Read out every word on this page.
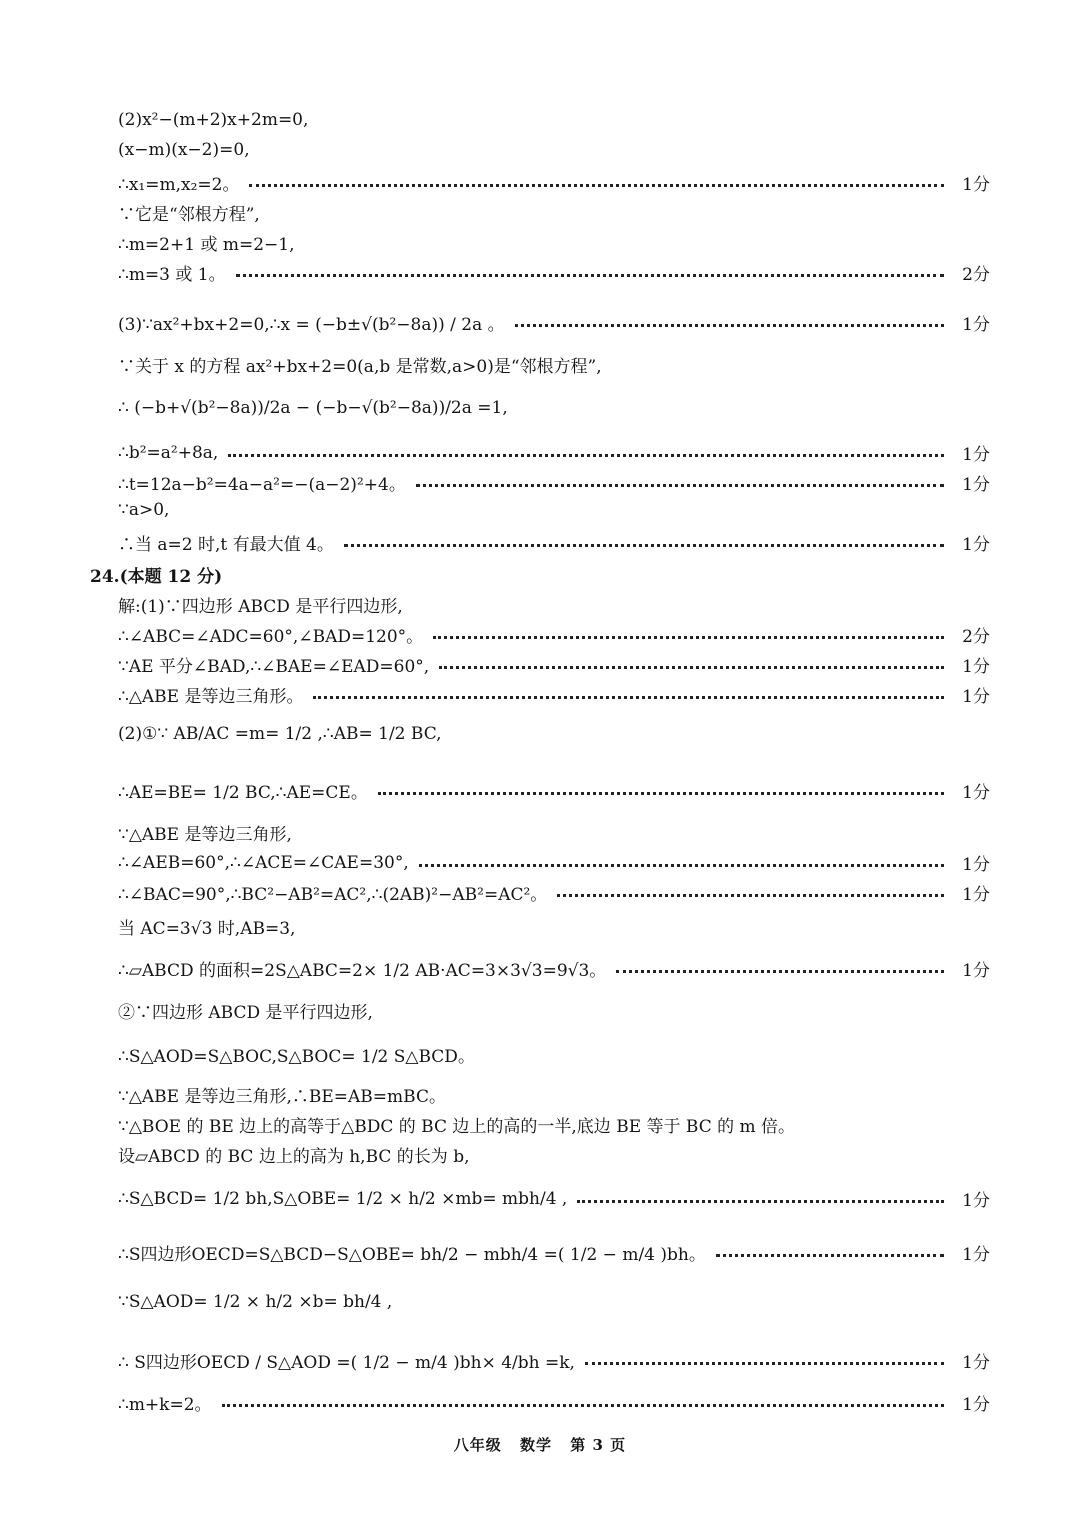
(2)x²−(m+2)x+2m=0,
(x−m)(x−2)=0,
∴x₁=m,x₂=2。	1分
∵它是“邻根方程”,
∴m=2+1 或 m=2−1,
∴m=3 或 1。	2分
(3)∵ax²+bx+2=0,∴x = (−b±√(b²−8a)) / 2a 。	1分
∵关于 x 的方程 ax²+bx+2=0(a,b 是常数,a>0)是“邻根方程”,
∴ (−b+√(b²−8a))/2a − (−b−√(b²−8a))/2a =1,
∴b²=a²+8a,	1分
∴t=12a−b²=4a−a²=−(a−2)²+4。	1分
∵a>0,
∴当 a=2 时,t 有最大值 4。	1分
24.(本题 12 分)
解:(1)∵四边形 ABCD 是平行四边形,
∴∠ABC=∠ADC=60°,∠BAD=120°。	2分
∵AE 平分∠BAD,∴∠BAE=∠EAD=60°,	1分
∴△ABE 是等边三角形。	1分
(2)①∵ AB/AC =m= 1/2 ,∴AB= 1/2 BC,
∴AE=BE= 1/2 BC,∴AE=CE。	1分
∵△ABE 是等边三角形,
∴∠AEB=60°,∴∠ACE=∠CAE=30°,	1分
∴∠BAC=90°,∴BC²−AB²=AC²,∴(2AB)²−AB²=AC²。	1分
当 AC=3√3 时,AB=3,
∴▱ABCD 的面积=2S△ABC=2× 1/2 AB·AC=3×3√3=9√3。	1分
②∵四边形 ABCD 是平行四边形,
∴S△AOD=S△BOC,S△BOC= 1/2 S△BCD。
∵△ABE 是等边三角形,∴BE=AB=mBC。
∵△BOE 的 BE 边上的高等于△BDC 的 BC 边上的高的一半,底边 BE 等于 BC 的 m 倍。
设▱ABCD 的 BC 边上的高为 h,BC 的长为 b,
∴S△BCD= 1/2 bh,S△OBE= 1/2 × h/2 ×mb= mbh/4 ,	1分
∴S四边形OECD=S△BCD−S△OBE= bh/2 − mbh/4 =( 1/2 − m/4 )bh。	1分
∵S△AOD= 1/2 × h/2 ×b= bh/4 ,
∴ S四边形OECD / S△AOD =( 1/2 − m/4 )bh× 4/bh =k,	1分
∴m+k=2。	1分
八年级 数学 第 3 页
